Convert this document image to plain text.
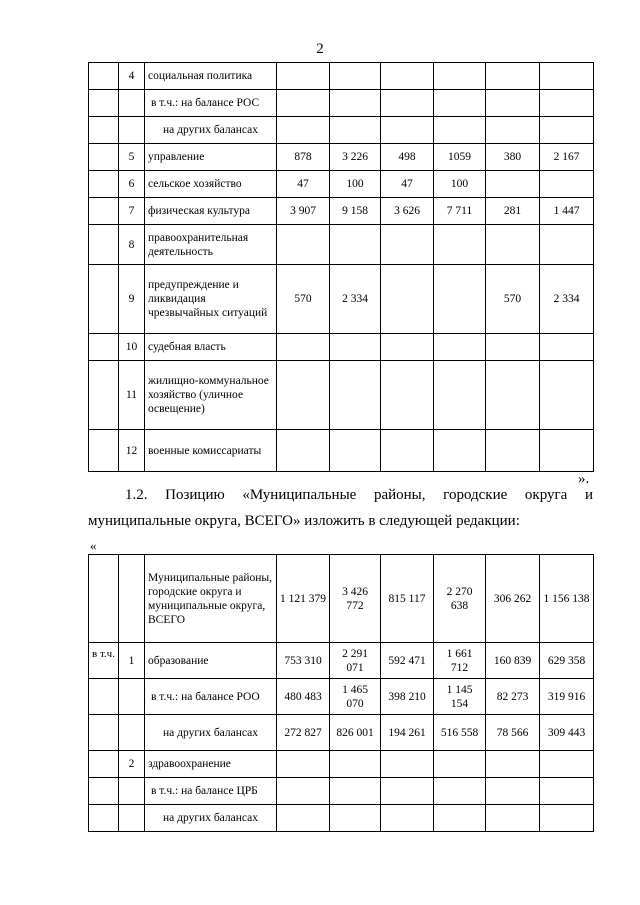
2
	4	социальная политика						
		в т.ч.: на балансе РОС						
		на других балансах						
	5	управление	878	3 226	498	1059	380	2 167
	6	сельское хозяйство	47	100	47	100		
	7	физическая культура	3 907	9 158	3 626	7 711	281	1 447
	8	правоохранительная деятельность						
	9	предупреждение и ликвидация чрезвычайных ситуаций	570	2 334			570	2 334
	10	судебная власть						
	11	жилищно-коммунальное хозяйство (уличное освещение)						
	12	военные комиссариаты						
».
1.2. Позицию «Муниципальные районы, городские округа и
муниципальные округа, ВСЕГО» изложить в следующей редакции:
«
		Муниципальные районы, городские округа и муниципальные округа, ВСЕГО	1 121 379	3 426 772	815 117	2 270 638	306 262	1 156 138
в т.ч.	1	образование	753 310	2 291 071	592 471	1 661 712	160 839	629 358
		в т.ч.: на балансе РОО	480 483	1 465 070	398 210	1 145 154	82 273	319 916
		на других балансах	272 827	826 001	194 261	516 558	78 566	309 443
	2	здравоохранение						
		в т.ч.: на балансе ЦРБ						
		на других балансах						
